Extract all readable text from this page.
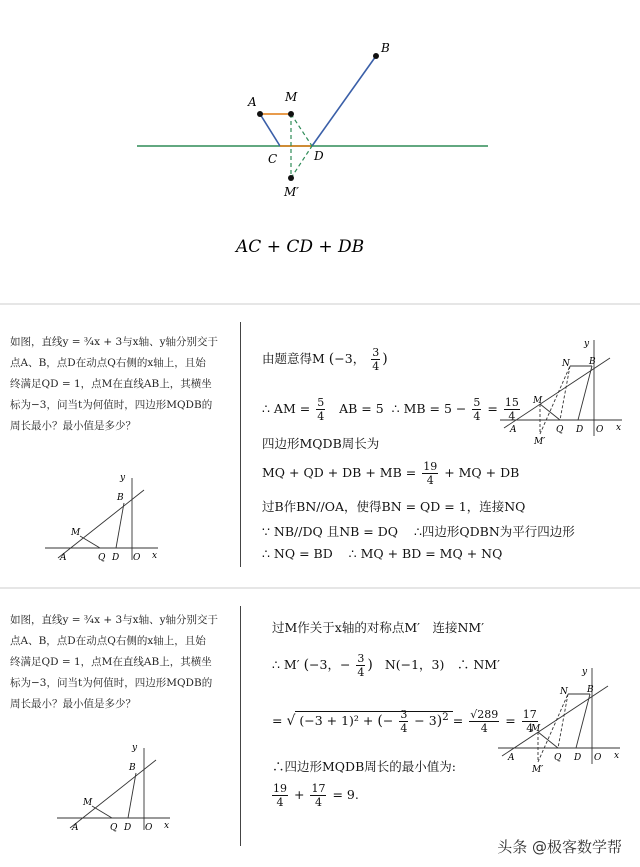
A M
B
C	D
M′
AC + CD + DB

如图，直线y = ¾x + 3与x轴、y轴分别交于

点A、B，点D在动点Q右侧的x轴上，且始

终满足QD = 1，点M在直线AB上，其横坐

标为−3，问当t为何值时，四边形MQDB的

周长最小？最小值是多少？

y
x
B
M
A	Q D O
由题意得M (−3， $\frac{3}{4}$ )
∴ AM = $\frac{5}{4}$ AB = 5 ∴ MB = $5 - \frac{5}{4} = \frac{15}{4}$
四边形MQDB周长为
MQ + QD + DB + MB = $\frac{19}{4}$ + MQ + DB
过B作BN//OA，使得BN = QD = 1，连接NQ
∵ NB//DQ 且NB = DQ ∴四边形QDBN为平行四边形
∴ NQ = BD ∴ MQ + BD = MQ + NQ
y
x
N B
M
A	Q D O
M′

如图，直线y = ¾x + 3与x轴、y轴分别交于

点A、B，点D在动点Q右侧的x轴上，且始

终满足QD = 1，点M在直线AB上，其横坐

标为−3，问当t为何值时，四边形MQDB的

周长最小？最小值是多少？

y
x
B
M
A	Q D O
过M作关于x轴的对称点M′　连接NM′
∴ M′ (−3，− $\frac{3}{4}$ ) N(−1，3)　∴ NM′
= √ (−3 + 1)² + (− $\frac{3}{4} - 3)^2 = \frac{√289}{4} = \frac{17}{4}$
∴四边形MQDB周长的最小值为:
$\frac{19}{4} + \frac{17}{4} = 9$.
y
x
N B
M
A	Q D O
M′
头条 @极客数学帮
